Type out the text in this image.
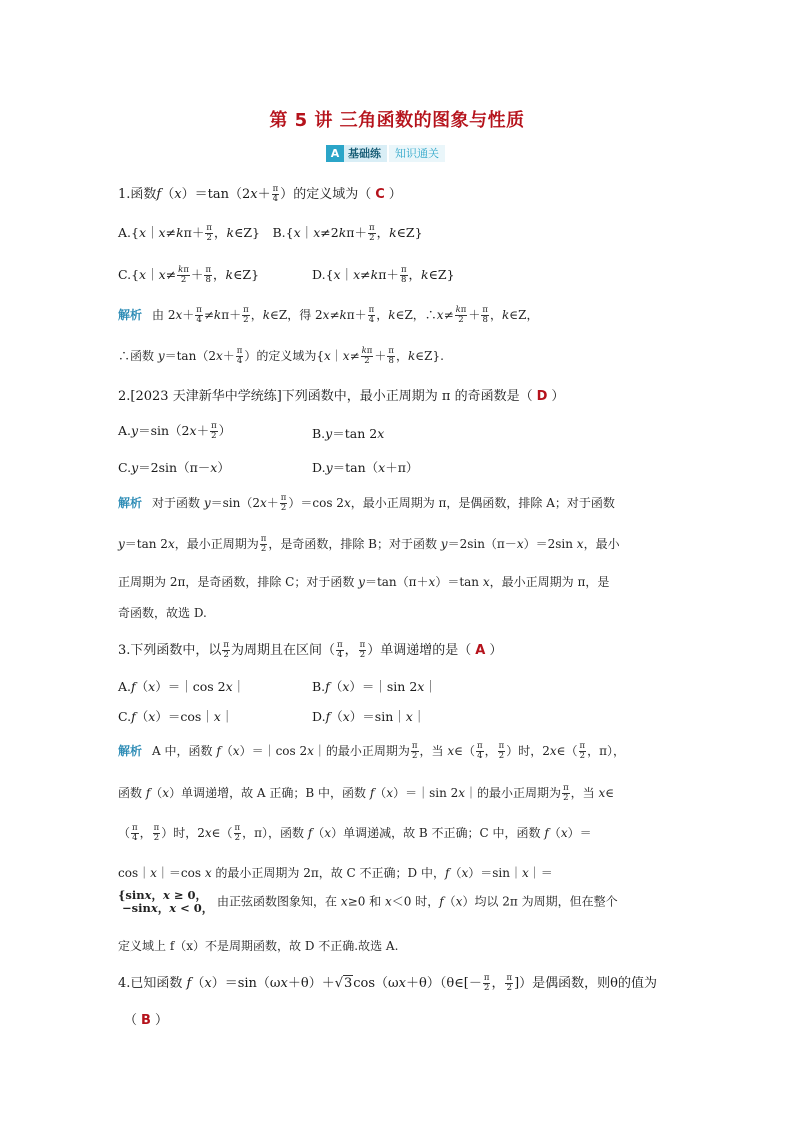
第 5 讲 三角函数的图象与性质
A 基础练	知识通关
1.函数$f(x)=\tan(2x+ \frac{\pi}{4}$ ）的定义域为（ C ）
A.{x｜x≠kπ＋ $\frac{\pi}{2}$ ，k∈Z}　B.{x｜x≠2kπ＋ $\frac{\pi}{2}$ ，k∈Z}
C.{x｜x≠ $\frac{k\pi}{2} + \frac{\pi}{8}$ ，k∈Z}	D.{x｜x≠kπ＋ $\frac{\pi}{8}$ ，k∈Z}
解析 由 $2x+ \frac{\pi}{4} \ne k\pi+ \frac{\pi}{2}$ ，k∈Z，得 $2x\ne k\pi+ \frac{\pi}{4}$ ，k∈Z，∴x≠ $\frac{k\pi}{2} + \frac{\pi}{8}$ ，k∈Z，
∴函数 $y=\tan(2x+ \frac{\pi}{4}$ ）的定义域为{x｜x≠ $\frac{k\pi}{2} + \frac{\pi}{8}$ ，k∈Z}.
2.[2023 天津新华中学统练]下列函数中，最小正周期为 π 的奇函数是（ D ）
$A.y=\sin(2x+ \frac{\pi}{2}$ ）	B.y＝tan 2x
C.y＝2sin（π－x）	D.y＝tan（x＋π）
解析 对于函数 $y=\sin(2x+ \frac{\pi}{2} )=\cos$ 2x，最小正周期为 π，是偶函数，排除 A；对于函数
y＝tan 2x，最小正周期为 $\frac{\pi}{2}$ ，是奇函数，排除 B；对于函数 y＝2sin（π－x）＝2sin x，最小
正周期为 2π，是奇函数，排除 C；对于函数 y＝tan（π＋x）＝tan x，最小正周期为 π，是
奇函数，故选 D.
3.下列函数中，以 $\frac{\pi}{2}$ 为周期且在区间（ $\frac{\pi}{4}$ ， $\frac{\pi}{2}$ ）单调递增的是（ A ）
A.f（x）＝｜cos 2x｜	B.f（x）＝｜sin 2x｜
C.f（x）＝cos｜x｜	D.f（x）＝sin｜x｜
解析 A 中，函数 f（x）＝｜cos 2x｜的最小正周期为 $\frac{\pi}{2}$ ，当 x∈（ $\frac{\pi}{4}$ ， $\frac{\pi}{2}$ ）时，2x∈（ $\frac{\pi}{2}$ ，π），
函数 f（x）单调递增，故 A 正确；B 中，函数 f（x）＝｜sin 2x｜的最小正周期为 $\frac{\pi}{2}$ ，当 x∈
（ $\frac{\pi}{4}$ ， $\frac{\pi}{2}$ ）时，2x∈（ $\frac{\pi}{2}$ ，π），函数 f（x）单调递减，故 B 不正确；C 中，函数 f（x）＝
cos｜x｜＝cos x 的最小正周期为 2π，故 C 不正确；D 中，f（x）＝sin｜x｜＝
{sinx，x ≥ 0，
−sinx，x < 0， 由正弦函数图象知，在 x≥0 和 x＜0 时，f（x）均以 2π 为周期，但在整个
定义域上 f（x）不是周期函数，故 D 不正确.故选 A.
4.已知函数 f（x）＝sin（ωx＋θ）＋√3cos（ωx＋θ）（θ∈[－ $\frac{\pi}{2}$ ， $\frac{\pi}{2}$ ]）是偶函数，则θ的值为
（ B ）
